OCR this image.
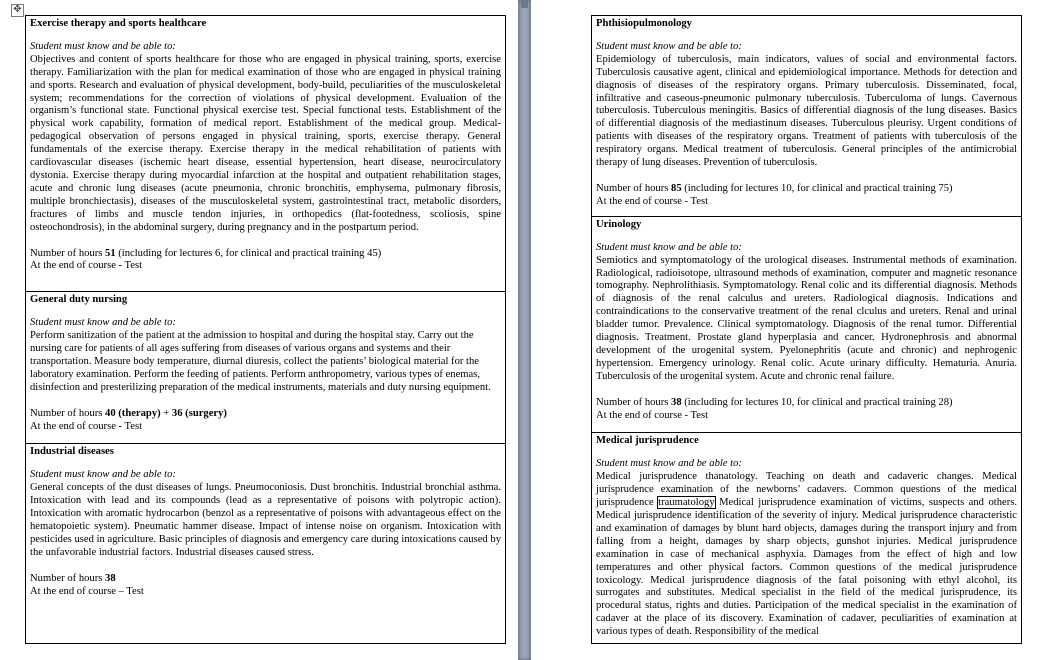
✥

Exercise therapy and sports healthcare

Student must know and be able to:

Objectives and content of sports healthcare for those who are engaged in physical training, sports, exercise therapy. Familiarization with the plan for medical examination of those who are engaged in physical training and sports. Research and evaluation of physical development, body-build, peculiarities of the musculoskeletal system; recommendations for the correction of violations of physical development. Evaluation of the organism’s functional state. Functional physical exercise test. Special functional tests. Establishment of the physical work capability, formation of medical report. Establishment of the medical group. Medical-pedagogical observation of persons engaged in physical training, sports, exercise therapy. General fundamentals of the exercise therapy. Exercise therapy in the medical rehabilitation of patients with cardiovascular diseases (ischemic heart disease, essential hypertension, heart disease, neurocirculatory dystonia. Exercise therapy during myocardial infarction at the hospital and outpatient rehabilitation stages, acute and chronic lung diseases (acute pneumonia, chronic bronchitis, emphysema, pulmonary fibrosis, multiple bronchiectasis), diseases of the musculoskeletal system, gastrointestinal tract, metabolic disorders, fractures of limbs and muscle tendon injuries, in orthopedics (flat-footedness, scoliosis, spine osteochondrosis), in the abdominal surgery, during pregnancy and in the postpartum period.

Number of hours 51 (including for lectures 6, for clinical and practical training 45)

At the end of course - Test

General duty nursing

Student must know and be able to:

Perform sanitization of the patient at the admission to hospital and during the hospital stay. Carry out the nursing care for patients of all ages suffering from diseases of various organs and systems and their transportation. Measure body temperature, diurnal diuresis, collect the patients’ biological material for the laboratory examination. Perform the feeding of patients. Perform anthropometry, various types of enemas, disinfection and presterilizing preparation of the medical instruments, materials and duty nursing equipment.

Number of hours 40 (therapy) + 36 (surgery)

At the end of course - Test

Industrial diseases

Student must know and be able to:

General concepts of the dust diseases of lungs. Pneumoconiosis. Dust bronchitis. Industrial bronchial asthma. Intoxication with lead and its compounds (lead as a representative of poisons with polytropic action). Intoxication with aromatic hydrocarbon (benzol as a representative of poisons with advantageous effect on the hematopoietic system). Pneumatic hammer disease. Impact of intense noise on organism. Intoxication with pesticides used in agriculture. Basic principles of diagnosis and emergency care during intoxications caused by the unfavorable industrial factors. Industrial diseases caused stress.

Number of hours 38

At the end of course – Test

Phthisiopulmonology

Student must know and be able to:

Epidemiology of tuberculosis, main indicators, values of social and environmental factors. Tuberculosis causative agent, clinical and epidemiological importance. Methods for detection and diagnosis of diseases of the respiratory organs. Primary tuberculosis. Disseminated, focal, infiltrative and caseous-pneumonic pulmonary tuberculosis. Tuberculoma of lungs. Cavernous tuberculosis. Tuberculous meningitis. Basics of differential diagnosis of the lung diseases. Basics of differential diagnosis of the mediastinum diseases. Tuberculous pleurisy. Urgent conditions of patients with diseases of the respiratory organs. Treatment of patients with tuberculosis of the respiratory organs. Medical treatment of tuberculosis. General principles of the antimicrobial therapy of lung diseases. Prevention of tuberculosis.

Number of hours 85 (including for lectures 10, for clinical and practical training 75)

At the end of course - Test

Urinology

Student must know and be able to:

Semiotics and symptomatology of the urological diseases. Instrumental methods of examination. Radiological, radioisotope, ultrasound methods of examination, computer and magnetic resonance tomography. Nephrolithiasis. Symptomatology. Renal colic and its differential diagnosis. Methods of diagnosis of the renal calculus and ureters. Radiological diagnosis. Indications and contraindications to the conservative treatment of the renal clculus and ureters. Renal and urinal bladder tumor. Prevalence. Clinical symptomatology. Diagnosis of the renal tumor. Differential diagnosis. Treatment. Prostate gland hyperplasia and cancer. Hydronephrosis and abnormal development of the urogenital system. Pyelonephritis (acute and chronic) and nephrogenic hypertension. Emergency urinology. Renal colic. Acute urinary difficulty. Hematuria. Anuria. Tuberculosis of the urogenital system. Acute and chronic renal failure.

Number of hours 38 (including for lectures 10, for clinical and practical training 28)

At the end of course - Test

Medical jurisprudence

Student must know and be able to:

Medical jurisprudence thanatology. Teaching on death and cadaveric changes. Medical jurisprudence examination of the newborns’ cadavers. Common questions of the medical jurisprudence traumatology Medical jurisprudence examination of victims, suspects and others. Medical jurisprudence identification of the severity of injury. Medical jurisprudence characteristic and examination of damages by blunt hard objects, damages during the transport injury and from falling from a height, damages by sharp objects, gunshot injuries. Medical jurisprudence examination in case of mechanical asphyxia. Damages from the effect of high and low temperatures and other physical factors. Common questions of the medical jurisprudence toxicology. Medical jurisprudence diagnosis of the fatal poisoning with ethyl alcohol, its surrogates and substitutes. Medical specialist in the field of the medical jurisprudence, its procedural status, rights and duties. Participation of the medical specialist in the examination of cadaver at the place of its discovery. Examination of cadaver, peculiarities of examination at various types of death. Responsibility of the medical
